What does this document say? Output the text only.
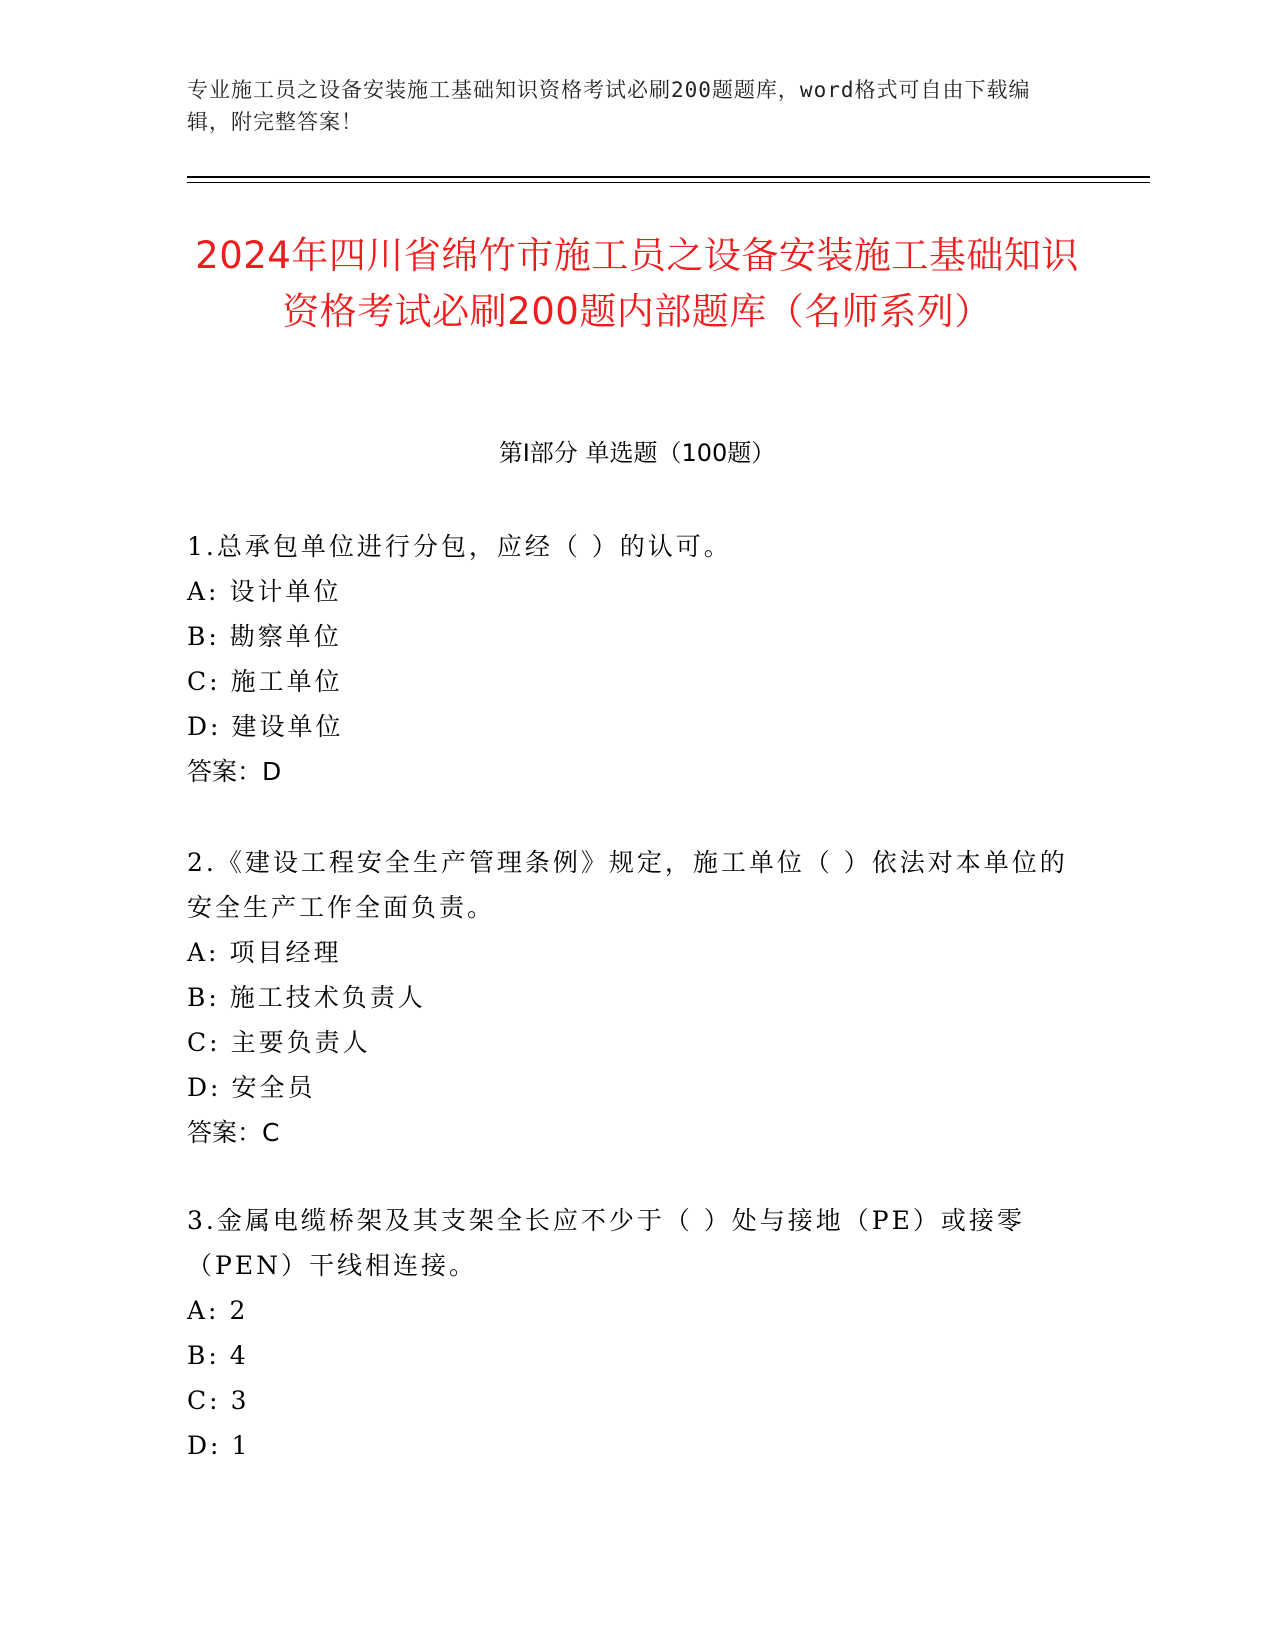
专业施工员之设备安装施工基础知识资格考试必刷200题题库，word格式可自由下载编辑，附完整答案！
2024年四川省绵竹市施工员之设备安装施工基础知识资格考试必刷200题内部题库（名师系列）
第Ⅰ部分 单选题（100题）
1.总承包单位进行分包，应经（ ）的认可。
A: 设计单位
B: 勘察单位
C: 施工单位
D: 建设单位
答案：D
2.《建设工程安全生产管理条例》规定，施工单位（ ）依法对本单位的安全生产工作全面负责。
A: 项目经理
B: 施工技术负责人
C: 主要负责人
D: 安全员
答案：C
3.金属电缆桥架及其支架全长应不少于（ ）处与接地（PE）或接零（PEN）干线相连接。
A: 2
B: 4
C: 3
D: 1
